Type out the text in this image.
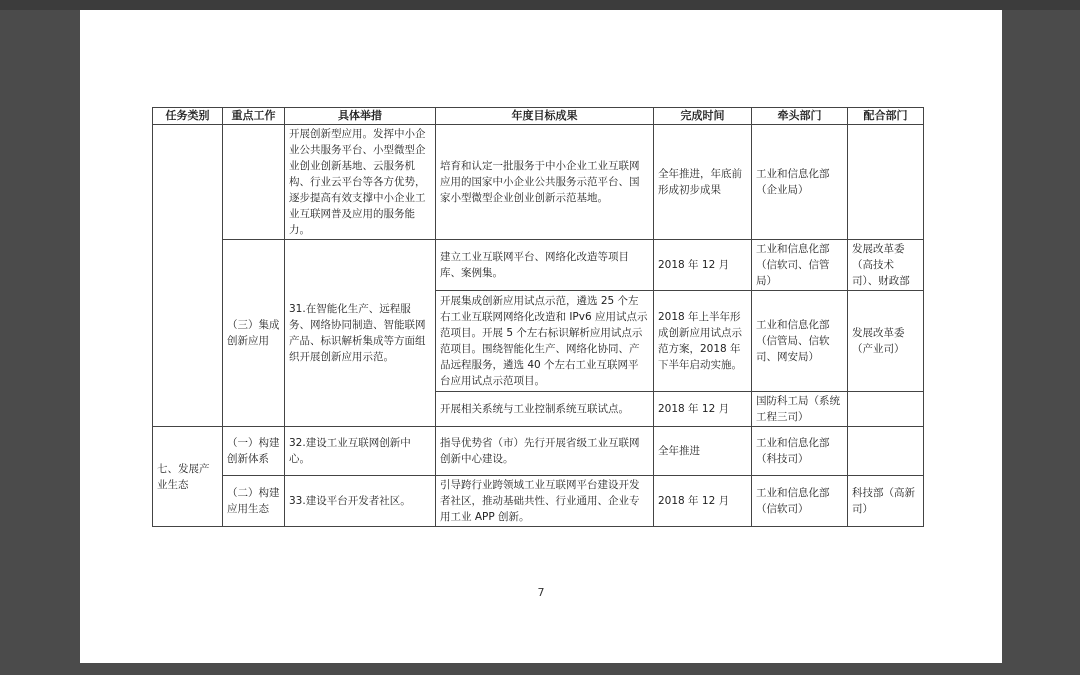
任务类别	重点工作	具体举措	年度目标成果	完成时间	牵头部门	配合部门
		开展创新型应用。发挥中小企业公共服务平台、小型微型企业创业创新基地、云服务机构、行业云平台等各方优势，逐步提高有效支撑中小企业工业互联网普及应用的服务能力。	培育和认定一批服务于中小企业工业互联网应用的国家中小企业公共服务示范平台、国家小型微型企业创业创新示范基地。	全年推进，年底前形成初步成果	工业和信息化部（企业局）	
	（三）集成创新应用	31.在智能化生产、远程服务、网络协同制造、智能联网产品、标识解析集成等方面组织开展创新应用示范。	建立工业互联网平台、网络化改造等项目库、案例集。	2018 年 12 月	工业和信息化部（信软司、信管局）	发展改革委（高技术司）、财政部
			开展集成创新应用试点示范，遴选 25 个左右工业互联网网络化改造和 IPv6 应用试点示范项目。开展 5 个左右标识解析应用试点示范项目。围绕智能化生产、网络化协同、产品远程服务，遴选 40 个左右工业互联网平台应用试点示范项目。	2018 年上半年形成创新应用试点示范方案，2018 年下半年启动实施。	工业和信息化部（信管局、信软司、网安局）	发展改革委（产业司）
			开展相关系统与工业控制系统互联试点。	2018 年 12 月	国防科工局（系统工程三司）	
七、发展产业生态	（一）构建创新体系	32.建设工业互联网创新中心。	指导优势省（市）先行开展省级工业互联网创新中心建设。	全年推进	工业和信息化部（科技司）	
	（二）构建应用生态	33.建设平台开发者社区。	引导跨行业跨领域工业互联网平台建设开发者社区，推动基础共性、行业通用、企业专用工业 APP 创新。	2018 年 12 月	工业和信息化部（信软司）	科技部（高新司）
7
